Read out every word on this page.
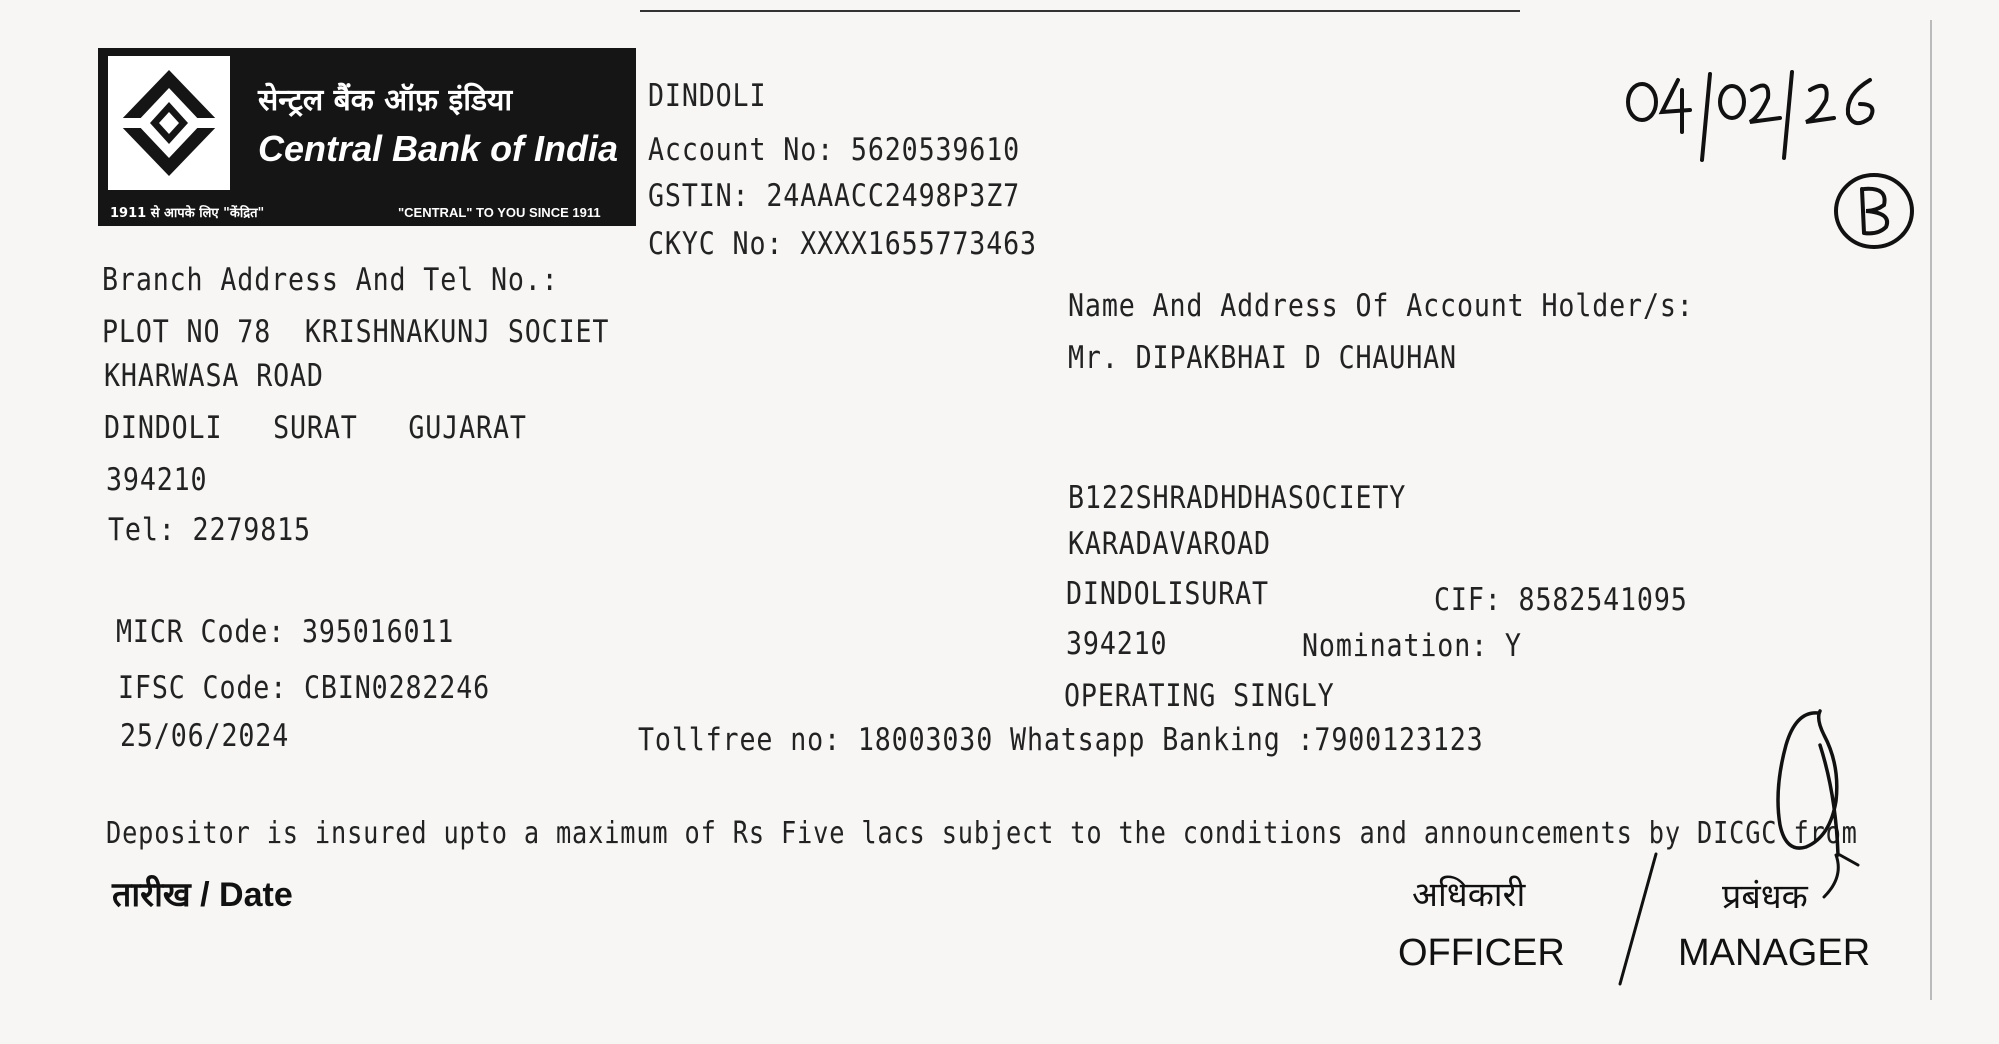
सेन्ट्रल बैंक ऑफ़ इंडिया
Central Bank of India
1911 से आपके लिए "केंद्रित"	"CENTRAL" TO YOU SINCE 1911
DINDOLI
Account No: 5620539610
GSTIN: 24AAACC2498P3Z7
CKYC No: XXXX1655773463
Branch Address And Tel No.:
PLOT NO 78  KRISHNAKUNJ SOCIET
KHARWASA ROAD
DINDOLI   SURAT   GUJARAT
394210
Tel: 2279815
MICR Code: 395016011
IFSC Code: CBIN0282246
25/06/2024
Name And Address Of Account Holder/s:
Mr. DIPAKBHAI D CHAUHAN
B122SHRADHDHASOCIETY
KARADAVAROAD
DINDOLISURAT	CIF: 8582541095
394210	Nomination: Y
OPERATING SINGLY
Tollfree no: 18003030 Whatsapp Banking :7900123123
Depositor is insured upto a maximum of Rs Five lacs subject to the conditions and announcements by DICGC from
तारीख / Date	अधिकारी
OFFICER
प्रबंधक
MANAGER
